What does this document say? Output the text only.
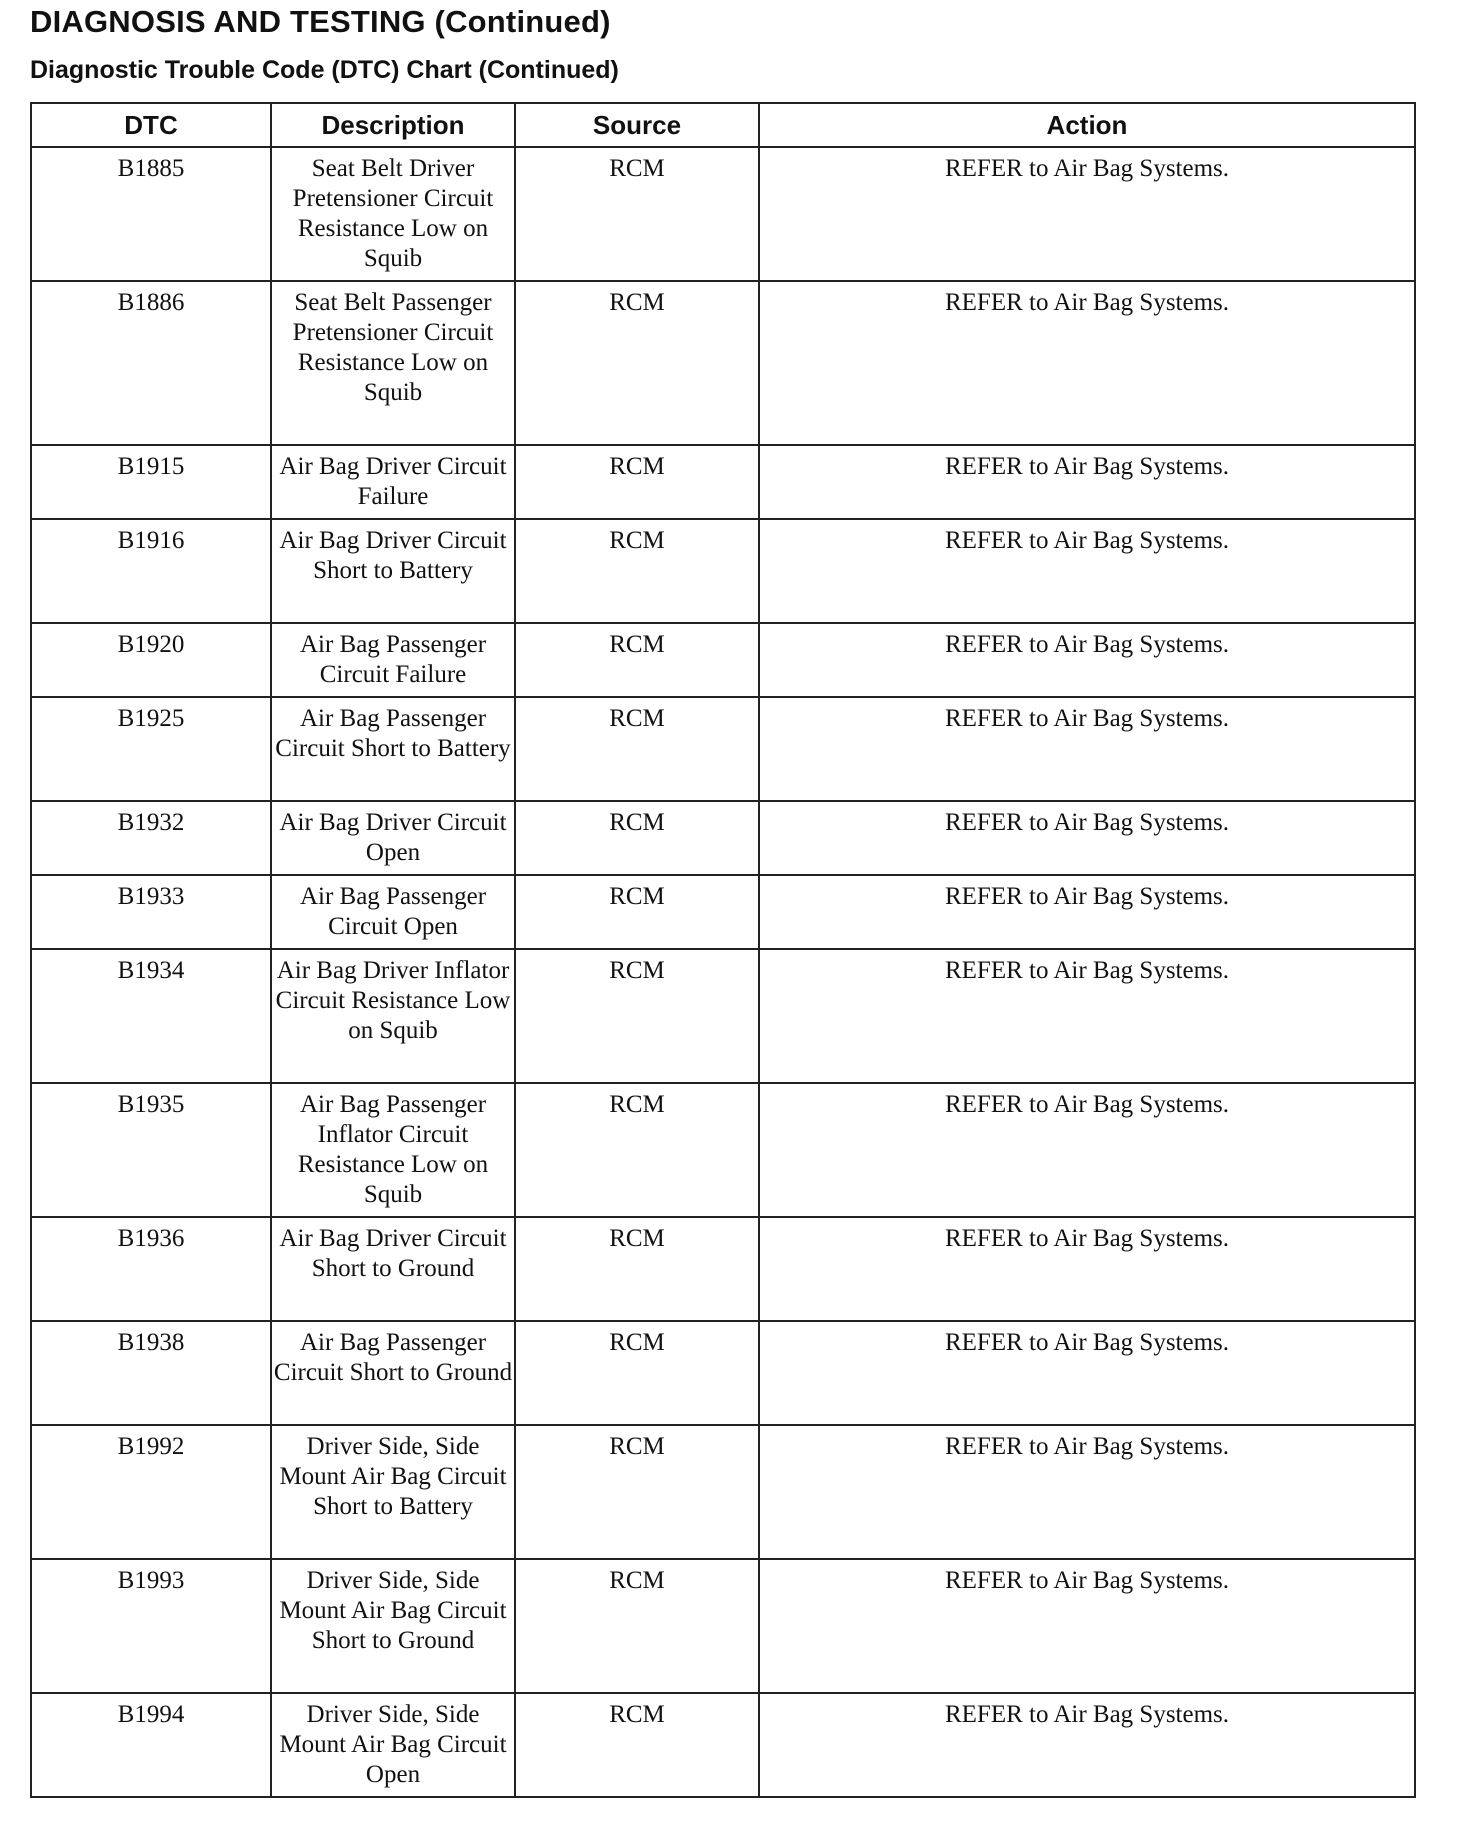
DIAGNOSIS AND TESTING (Continued)
Diagnostic Trouble Code (DTC) Chart (Continued)
DTC	Description	Source	Action
B1885	Seat Belt Driver Pretensioner Circuit Resistance Low on Squib	RCM	REFER to Air Bag Systems.
B1886	Seat Belt Passenger Pretensioner Circuit Resistance Low on Squib	RCM	REFER to Air Bag Systems.
B1915	Air Bag Driver Circuit Failure	RCM	REFER to Air Bag Systems.
B1916	Air Bag Driver Circuit Short to Battery	RCM	REFER to Air Bag Systems.
B1920	Air Bag Passenger Circuit Failure	RCM	REFER to Air Bag Systems.
B1925	Air Bag Passenger Circuit Short to Battery	RCM	REFER to Air Bag Systems.
B1932	Air Bag Driver Circuit Open	RCM	REFER to Air Bag Systems.
B1933	Air Bag Passenger Circuit Open	RCM	REFER to Air Bag Systems.
B1934	Air Bag Driver Inflator Circuit Resistance Low on Squib	RCM	REFER to Air Bag Systems.
B1935	Air Bag Passenger Inflator Circuit Resistance Low on Squib	RCM	REFER to Air Bag Systems.
B1936	Air Bag Driver Circuit Short to Ground	RCM	REFER to Air Bag Systems.
B1938	Air Bag Passenger Circuit Short to Ground	RCM	REFER to Air Bag Systems.
B1992	Driver Side, Side Mount Air Bag Circuit Short to Battery	RCM	REFER to Air Bag Systems.
B1993	Driver Side, Side Mount Air Bag Circuit Short to Ground	RCM	REFER to Air Bag Systems.
B1994	Driver Side, Side Mount Air Bag Circuit Open	RCM	REFER to Air Bag Systems.
